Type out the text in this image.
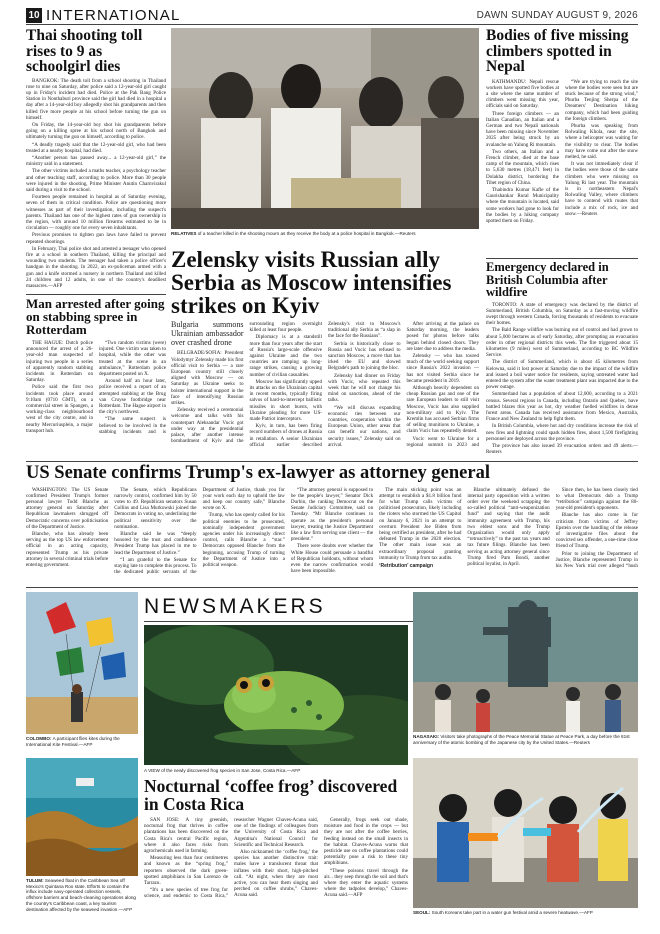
10 INTERNATIONAL	DAWN SUNDAY AUGUST 9, 2026
Thai shooting toll rises to 9 as schoolgirl dies

BANGKOK: The death toll from a school shooting in Thailand rose to nine on Saturday, after police said a 12-year-old girl caught up in Friday's incident had died. Police at the Pak Bang Police Station in Nonthaburi province said the girl had died in a hospital a day after a 14-year-old boy allegedly shot his grandparents and then killed five more people at his school before turning the gun on himself.

On Friday, the 14-year-old boy shot his grandparents before going on a killing spree at his school north of Bangkok and ultimately turning the gun on himself, according to police.

“A deadly tragedy said that the 12-year-old girl, who had been treated at a nearby hospital, had died.

“Another person has passed away... a 12-year-old girl,” the ministry said in a statement.

The other victims included a maths teacher, a psychology teacher and other teaching staff, according to police. More than 30 people were injured in the shooting, Prime Minister Anutin Charnvirakul said during a visit to the school.

Fourteen people remained in hospital as of Saturday evening, seven of them in critical condition. Police are questioning more witnesses as part of their investigation, including the suspect's parents. Thailand has one of the highest rates of gun ownership in the region, with around 10 million firearms estimated to be in circulation — roughly one for every seven inhabitants.

Previous promises to tighten gun laws have failed to prevent repeated shootings.

In February, Thai police shot and arrested a teenager who opened fire at a school in southern Thailand, killing the principal and wounding two students. The teenager had taken a police officer's handgun in the shooting. In 2022, an ex-policeman armed with a gun and a knife stormed a nursery in northern Thailand and killed 24 children and 12 adults, in one of the country's deadliest massacres.—AFP

RELATIVES of a teacher killed in the shooting mourn as they receive the body at a police hospital in Bangkok.—Reuters
Zelensky visits Russian ally Serbia as Moscow intensifies strikes on Kyiv
Bulgaria summons Ukrainian ambassador over crashed drone

BELGRADE/SOFIA: President Volodymyr Zelensky made his first official visit to Serbia — a rare European country still closely aligned with Moscow — on Saturday as Ukraine seeks to bolster international support in the face of intensifying Russian strikes.

Zelensky received a ceremonial welcome and talks with his counterpart Aleksandar Vucic got under way at the presidential palace, after another intense bombardment of Kyiv and the surrounding region overnight killed at least four people.

Diplomacy is at a standstill more than four years after the start of Russia's large-scale offensive against Ukraine and the two countries are ramping up long-range strikes, causing a growing number of civilian casualties.

Moscow has significantly upped its attacks on the Ukrainian capital in recent months, typically firing salvos of hard-to-intercept ballistic missiles in short bursts, with Ukraine pleading for more US-made Patriot interceptors.

Kyiv, in turn, has been firing record numbers of drones at Russia in retaliation. A senior Ukrainian official earlier described Zelensky's visit to Moscow's traditional ally Serbia as “a slap in the face for the Russians”.

Serbia is historically close to Russia and Vucic has refused to sanction Moscow, a move that has irked the EU and slowed Belgrade's path to joining the bloc.

Zelensky had dinner on Friday with Vucic, who repeated this week that he will not change his mind on sanctions, ahead of the talks.

“We will discuss expanding economic ties between our countries, cooperation within the European Union, other areas that can benefit our nations, and security issues,” Zelensky said on arrival.

After arriving at the palace on Saturday morning, the leaders posed for photos before talks began behind closed doors. They are later due to address the media.

Zelensky — who has toured much of the world seeking support since Russia's 2022 invasion — has not visited Serbia since he became president in 2019.

Although heavily dependent on cheap Russian gas and one of the rare European leaders to still visit Moscow, Vucic has also supplied non-military aid to Kyiv. The Kremlin has accused Serbian firms of selling munitions to Ukraine, a claim Vucic has repeatedly denied.

Vucic went to Ukraine for a regional summit in 2023 and

Man arrested after going on stabbing spree in Rotterdam

THE HAGUE: Dutch police announced the arrest of a 26-year-old man suspected of injuring two people in a series of apparently random stabbing incidents in Rotterdam on Saturday.

Police said the first two incidents took place around 9:10am (0710 GMT), on a commercial street in Spangen, a working-class neighbourhood west of the city centre, and in nearby Mercuriusplein, a major transport hub.

“Two random victims (were) injured. One victim was taken to hospital, while the other was treated at the scene in an ambulance,” Rotterdam police department posted on X.

Around half an hour later, police received a report of an attempted stabbing at the Brug van Cruyse footbridge near Rotterdam. The Hague airport in the city's northwest.

“The same suspect is believed to be involved in the stabbing incidents and is

Bodies of five missing climbers spotted in Nepal

KATHMANDU: Nepali rescue workers have spotted five bodies at a site where the same number of climbers went missing this year, officials said on Saturday.

Three foreign climbers — an Italian Canadian, an Italian and a German and two Nepali nationals have been missing since November 2025 after being struck by an avalanche on Yalung Ri mountain.

Two others, an Italian and a French climber, died at the base camp of the mountain, which rises to 5,630 metres (18,471 feet) in Dolakha district, bordering the Tibet region of China.

Thabindra Kumar Kafle of the Gaurishankar Rural Municipality where the mountain is located, said some workers had gone to look for the bodies by a hiking company spotted them on Friday.

“We are trying to reach the site where the bodies were seen but are stuck because of the strong wind,” Phurba Tenjing Sherpa of the Dreamers' Destination hiking company, which had been guiding the foreign climbers.

Phurba was speaking from Rolwaling Khola, near the site, where a helicopter was waiting for the visibility to clear. The bodies may have come out after the snow melted, he said.

It was not immediately clear if the bodies were those of the same climbers who were missing on Yalung Ri last year. The mountain is in northeastern Nepal's Rolwaling Valley, where climbers have to contend with routes that include a mix of rock, ice and snow.—Reuters

Emergency declared in British Columbia after wildfire

TORONTO: A state of emergency was declared by the district of Summerland, British Columbia, on Saturday as a fast-moving wildfire swept through western Canada, forcing thousands of residents to evacuate their homes.

The Bald Range wildfire was burning out of control and had grown to about 5,000 hectares as of early Saturday, after prompting an evacuation order in other regional districts this week. The fire triggered about 15 kilometres (9 miles) west of Summerland, according to BC Wildfire Service.

The district of Summerland, which is about 45 kilometres from Kelowna, said it lost power at Saturday due to the impact of the wildfire and issued a boil water notice for residents, saying untreated water had entered the system after the water treatment plant was impacted due to the power outage.

Summerland has a population of about 12,000, according to a 2021 census. Several regions in Canada, including Ontario and Quebec, have battled blazes this year as hot, dry weather fuelled wildfires in dense forest areas. Canada has received assistance from Mexico, Australia, France and New Zealand to help fight them.

In British Columbia, where hot and dry conditions increase the risk of new fires and lightning could spark hidden fires, about 1,500 firefighting personnel are deployed across the province.

The province has also issued 39 evacuation orders and 49 alerts.—Reuters

US Senate confirms Trump's ex-lawyer as attorney general

WASHINGTON: The US Senate confirmed President Trump's former personal lawyer Todd Blanche as attorney general on Saturday after Republican lawmakers shrugged off Democratic concerns over politicisation of the Department of Justice.

Blanche, who has already been serving as the top US law enforcement official in an acting capacity, represented Trump as his private attorney in several criminal trials before entering government.

The Senate, which Republicans narrowly control, confirmed him by 50 votes to 49. Republican senators Susan Collins and Lisa Murkowski joined the Democrats in voting no, underlining the political sensitivity over the nomination.

Blanche said he was “deeply honored by the trust and confidence President Trump has placed in me to lead the Department of Justice.”

“I am grateful to the Senate for staying late to complete this process. To the dedicated public servants of the Department of Justice, thank you for your work each day to uphold the law and keep our country safe,” Blanche wrote on X.

Trump, who has openly called for his political enemies to be prosecuted, nominally independent government agencies under his increasingly direct control, calls Blanche a “star.” Democrats opposed Blanche from the beginning, accusing Trump of turning the Department of Justice into a political weapon.

“The attorney general is supposed to be the people's lawyer,” Senator Dick Durbin, the ranking Democrat on the Senate Judiciary Committee, said on Tuesday. “Mr Blanche continues to operate as the president's personal lawyer, treating the Justice Department like a law firm serving one client — the president.”

There were doubts over whether the White House could persuade a handful of Republican holdouts, without whom even the narrow confirmation would have been impossible.

The main sticking point was an attempt to establish a $1.8 billion fund for what Trump calls victims of politicised prosecution, likely including the rioters who stormed the US Capitol on January 6, 2021 in an attempt to overturn President Joe Biden from being certified as president, after he had defeated Trump in the 2020 election. The other main issue was an extraordinary proposal granting immunity to Trump from tax audits.

‘Retribution’ campaign

Blanche ultimately defused the internal party opposition with a written order over the weekend scrapping the so-called political “anti-weaponization fund” and saying that the audit immunity agreement with Trump, his two eldest sons and the Trump Organization would only apply “retroactively” to the past tax years and tax future filings. Blanche has been serving as acting attorney general since Trump fired Pam Bondi, another political loyalist, in April.

Since then, he has been closely tied to what Democrats dub a Trump “retribution” campaign against the 80-year-old president's opponents.

Blanche has also come in for criticism from victims of Jeffrey Epstein over the handling of the release of investigative files about the convicted sex offender, a one-time close friend of Trump.

Prior to joining the Department of Justice, Blanche represented Trump in his New York trial over alleged “hush

COLOMBO: A participant flies kites during the International Kite Festival.—AFP
NEWSMAKERS
NAGASAKI: Visitors take photographs of the Peace Memorial Statue at Peace Park, a day before the 81st anniversary of the atomic bombing of the Japanese city by the United States.—Reuters
A VIEW of the newly discovered frog species in San Jose, Costa Rica.—AFP
TULUM: Seaweed float in the Caribbean Sea off Mexico's Quintana Roo state. Efforts to contain the influx include navy-operated collection vessels, offshore barriers and beach-cleaning operations along the country's Caribbean coast, a key tourism destination affected by the seaweed invasion.—AFP
Nocturnal ‘coffee frog’ discovered in Costa Rica

SAN JOSE: A tiny greenish, nocturnal frog that thrives in coffee plantations has been discovered on the Costa Rica's central Pacific region, where it also faces risks from agrochemicals used in farming.

Measuring less than four centimetres and known as the “spring frog,” reporters observed the dark green-spotted amphibians in San Lorenzo de Tarrazu.

“It's a new species of tree frog for science, and endemic to Costa Rica,” researcher Wagner Chaves-Acuna said, one of the findings of colleagues from the University of Costa Rica and Argentina's National Council for Scientific and Technical Research.

Also nicknamed the ‘coffee frog,’ the species has another distinctive trait: males have a translucent throat that inflates with their short, high-pitched call. “At night, when they are most active, you can hear them singing and perched on coffee shrubs,” Chaves-Acuna said.

Generally, frogs seek out shade, moisture and food in the crops — but they are not after the coffee berries, feeding instead on the small insects in the habitat. Chaves-Acuna warns that pesticide use on coffee plantations could potentially pose a risk to these tiny amphibians.

“These poisons travel through the air... they seep through the soil and that's where they enter the aquatic systems where the tadpoles develop,” Chaves-Acuna said.—AFP

SEOUL: South Koreans take part in a water gun festival amid a severe heatwave.—AFP
